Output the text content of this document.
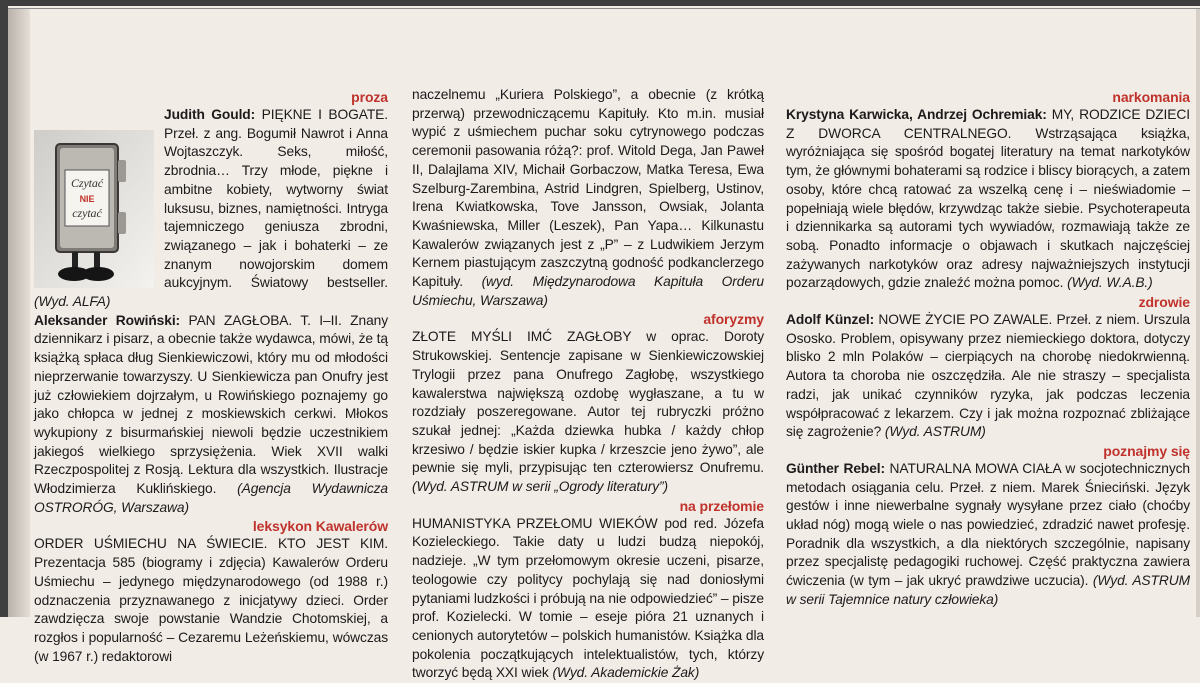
proza

Czytać
NIE
czytać

Judith Gould: PIĘKNE I BOGATE. Przeł. z ang. Bogumił Nawrot i Anna Wojtaszczyk. Seks, miłość, zbrodnia… Trzy młode, piękne i ambitne kobiety, wytworny świat luksusu, biznes, namiętności. Intryga tajemniczego geniusza zbrodni, związanego – jak i bohaterki – ze znanym nowojorskim domem aukcyjnym. Światowy bestseller. (Wyd. ALFA)

Aleksander Rowiński: PAN ZAGŁOBA. T. I–II. Znany dziennikarz i pisarz, a obecnie także wydawca, mówi, że tą książką spłaca dług Sienkiewiczowi, który mu od młodości nieprzerwanie towarzyszy. U Sienkiewicza pan Onufry jest już człowiekiem dojrzałym, u Rowińskiego poznajemy go jako chłopca w jednej z moskiewskich cerkwi. Młokos wykupiony z bisurmańskiej niewoli będzie uczestnikiem jakiegoś wielkiego sprzysiężenia. Wiek XVII walki Rzeczpospolitej z Rosją. Lektura dla wszystkich. Ilustracje Włodzimierza Kuklińskiego. (Agencja Wydawnicza OSTRORÓG, Warszawa)

leksykon Kawalerów

ORDER UŚMIECHU NA ŚWIECIE. KTO JEST KIM. Prezentacja 585 (biogramy i zdjęcia) Kawalerów Orderu Uśmiechu – jedynego międzynarodowego (od 1988 r.) odznaczenia przyznawanego z inicjatywy dzieci. Order zawdzięcza swoje powstanie Wandzie Chotomskiej, a rozgłos i popularność – Cezaremu Leżeńskiemu, wówczas (w 1967 r.) redaktorowi

naczelnemu „Kuriera Polskiego”, a obecnie (z krótką przerwą) przewodniczącemu Kapituły. Kto m.in. musiał wypić z uśmiechem puchar soku cytrynowego podczas ceremonii pasowania różą?: prof. Witold Dega, Jan Paweł II, Dalajlama XIV, Michaił Gorbaczow, Matka Teresa, Ewa Szelburg-Zarembina, Astrid Lindgren, Spielberg, Ustinov, Irena Kwiatkowska, Tove Jansson, Owsiak, Jolanta Kwaśniewska, Miller (Leszek), Pan Yapa… Kilkunastu Kawalerów związanych jest z „P” – z Ludwikiem Jerzym Kernem piastującym zaszczytną godność podkanclerzego Kapituły. (wyd. Międzynarodowa Kapituła Orderu Uśmiechu, Warszawa)

aforyzmy

ZŁOTE MYŚLI IMĆ ZAGŁOBY w oprac. Doroty Strukowskiej. Sentencje zapisane w Sienkiewiczowskiej Trylogii przez pana Onufrego Zagłobę, wszystkiego kawalerstwa największą ozdobę wygłaszane, a tu w rozdziały poszeregowane. Autor tej rubryczki próżno szukał jednej: „Każda dziewka hubka / każdy chłop krzesiwo / będzie iskier kupka / krzeszcie jeno żywo”, ale pewnie się myli, przypisując ten czterowiersz Onufremu. (Wyd. ASTRUM w serii „Ogrody literatury”)

na przełomie

HUMANISTYKA PRZEŁOMU WIEKÓW pod red. Józefa Kozieleckiego. Takie daty u ludzi budzą niepokój, nadzieje. „W tym przełomowym okresie uczeni, pisarze, teologowie czy politycy pochylają się nad doniosłymi pytaniami ludzkości i próbują na nie odpowiedzieć” – pisze prof. Kozielecki. W tomie – eseje pióra 21 uznanych i cenionych autorytetów – polskich humanistów. Książka dla pokolenia początkujących intelektualistów, tych, którzy tworzyć będą XXI wiek (Wyd. Akademickie Żak)

narkomania

Krystyna Karwicka, Andrzej Ochremiak: MY, RODZICE DZIECI Z DWORCA CENTRALNEGO. Wstrząsająca książka, wyróżniająca się spośród bogatej literatury na temat narkotyków tym, że głównymi bohaterami są rodzice i bliscy biorących, a zatem osoby, które chcą ratować za wszelką cenę i – nieświadomie – popełniają wiele błędów, krzywdząc także siebie. Psychoterapeuta i dziennikarka są autorami tych wywiadów, rozmawiają także ze sobą. Ponadto informacje o objawach i skutkach najczęściej zażywanych narkotyków oraz adresy najważniejszych instytucji pozarządowych, gdzie znaleźć można pomoc. (Wyd. W.A.B.)

zdrowie

Adolf Künzel: NOWE ŻYCIE PO ZAWALE. Przeł. z niem. Urszula Ososko. Problem, opisywany przez niemieckiego doktora, dotyczy blisko 2 mln Polaków – cierpiących na chorobę niedokrwienną. Autora ta choroba nie oszczędziła. Ale nie straszy – specjalista radzi, jak unikać czynników ryzyka, jak podczas leczenia współpracować z lekarzem. Czy i jak można rozpoznać zbliżające się zagrożenie? (Wyd. ASTRUM)

poznajmy się

Günther Rebel: NATURALNA MOWA CIAŁA w socjotechnicznych metodach osiągania celu. Przeł. z niem. Marek Śnieciński. Język gestów i inne niewerbalne sygnały wysyłane przez ciało (choćby układ nóg) mogą wiele o nas powiedzieć, zdradzić nawet profesję. Poradnik dla wszystkich, a dla niektórych szczególnie, napisany przez specjalistę pedagogiki ruchowej. Część praktyczna zawiera ćwiczenia (w tym – jak ukryć prawdziwe uczucia). (Wyd. ASTRUM w serii Tajemnice natury człowieka)
